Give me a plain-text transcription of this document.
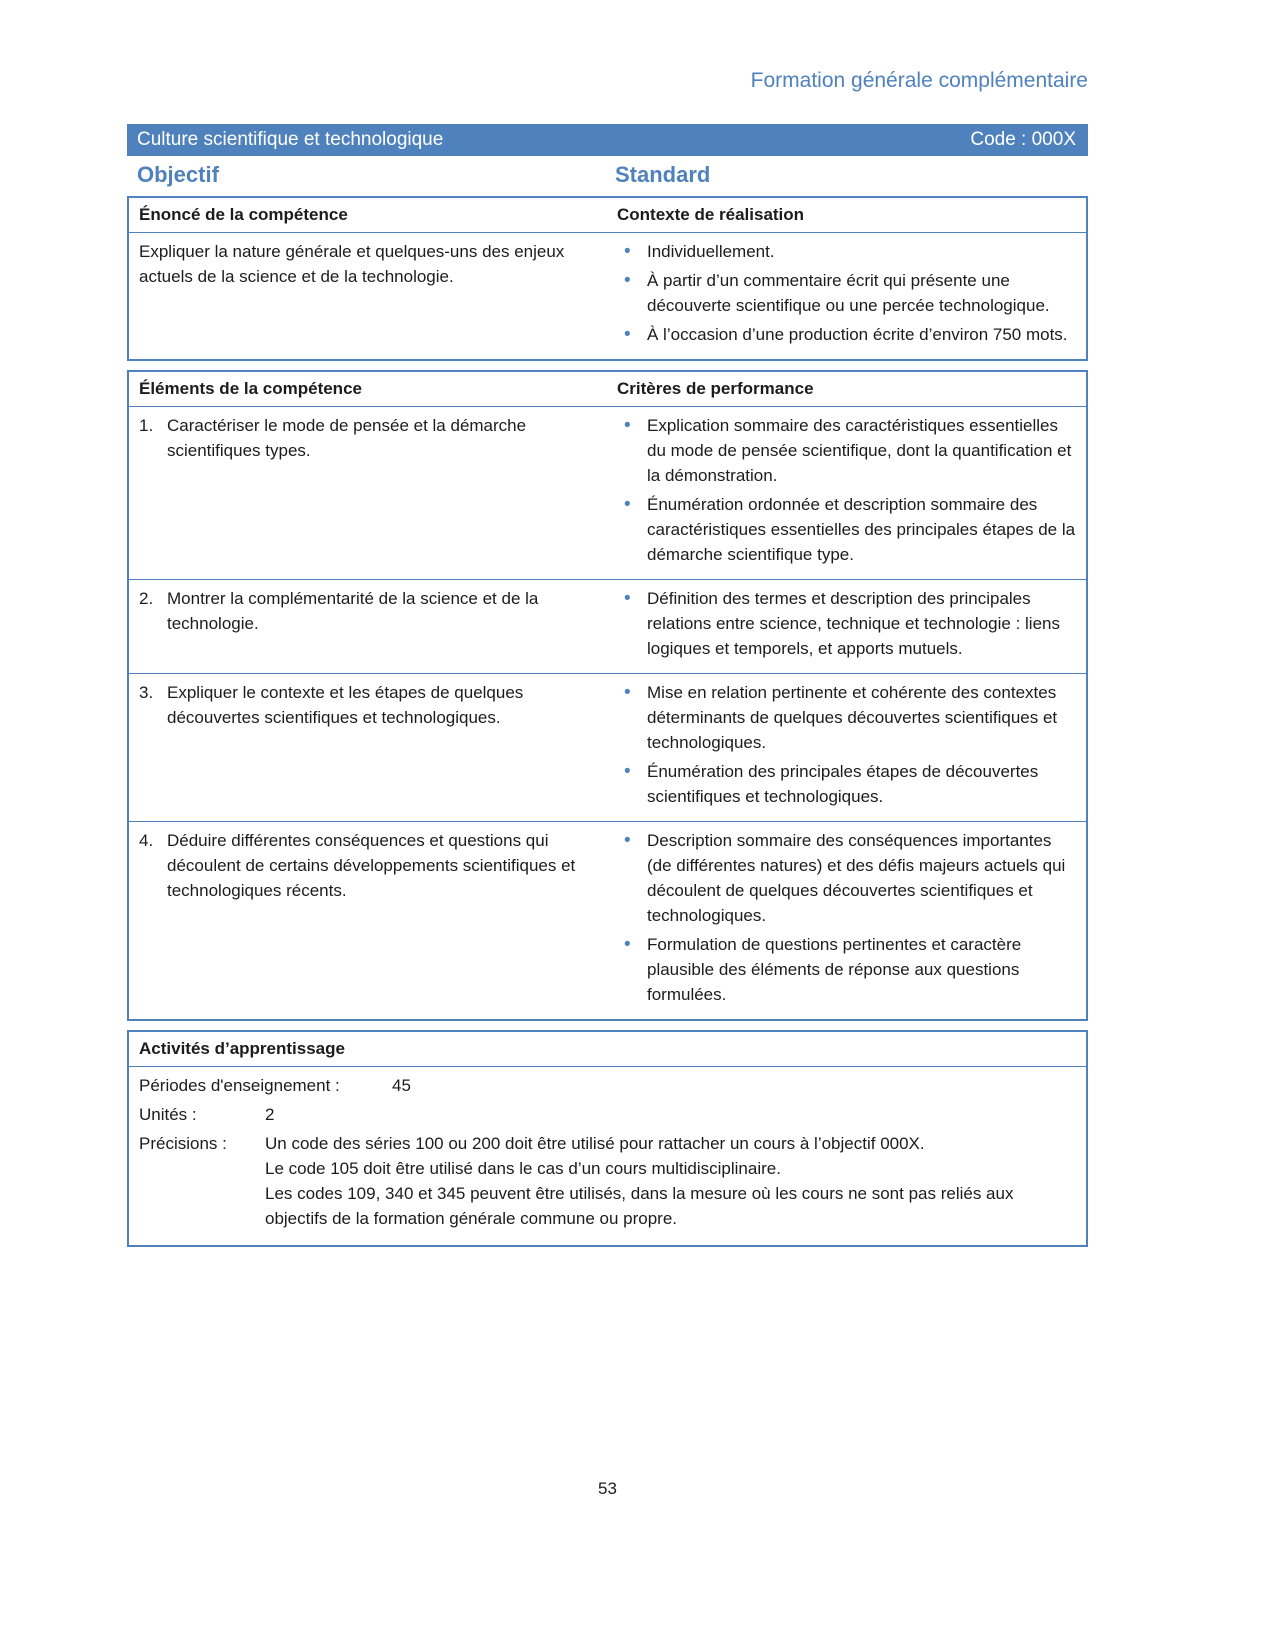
Formation générale complémentaire
Culture scientifique et technologique	Code : 000X
Objectif	Standard
Énoncé de la compétence	Contexte de réalisation
Expliquer la nature générale et quelques-uns des enjeux actuels de la science et de la technologie.
• Individuellement.
• À partir d’un commentaire écrit qui présente une découverte scientifique ou une percée technologique.
• À l’occasion d’une production écrite d’environ 750 mots.
Éléments de la compétence	Critères de performance
1. Caractériser le mode de pensée et la démarche scientifiques types.
• Explication sommaire des caractéristiques essentielles du mode de pensée scientifique, dont la quantification et la démonstration.
• Énumération ordonnée et description sommaire des caractéristiques essentielles des principales étapes de la démarche scientifique type.
2. Montrer la complémentarité de la science et de la technologie.
• Définition des termes et description des principales relations entre science, technique et technologie : liens logiques et temporels, et apports mutuels.
3. Expliquer le contexte et les étapes de quelques découvertes scientifiques et technologiques.
• Mise en relation pertinente et cohérente des contextes déterminants de quelques découvertes scientifiques et technologiques.
• Énumération des principales étapes de découvertes scientifiques et technologiques.
4. Déduire différentes conséquences et questions qui découlent de certains développements scientifiques et technologiques récents.
• Description sommaire des conséquences importantes (de différentes natures) et des défis majeurs actuels qui découlent de quelques découvertes scientifiques et technologiques.
• Formulation de questions pertinentes et caractère plausible des éléments de réponse aux questions formulées.
Activités d’apprentissage
Périodes d'enseignement :	45
Unités :	2
Précisions :	Un code des séries 100 ou 200 doit être utilisé pour rattacher un cours à l’objectif 000X.
Le code 105 doit être utilisé dans le cas d’un cours multidisciplinaire.
Les codes 109, 340 et 345 peuvent être utilisés, dans la mesure où les cours ne sont pas reliés aux objectifs de la formation générale commune ou propre.
53
